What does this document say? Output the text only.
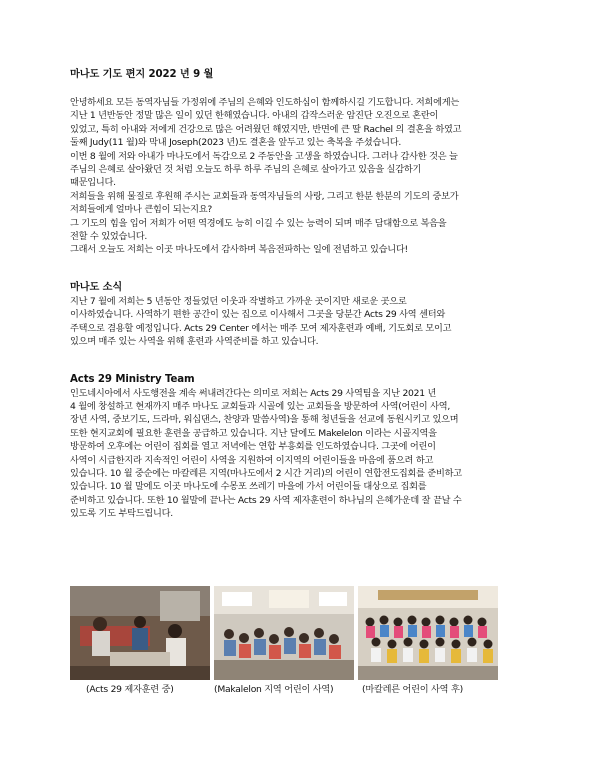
마나도 기도 편지 2022 년 9 월

안녕하세요 모든 동역자님들 가정위에 주님의 은혜와 인도하심이 함께하시길 기도합니다. 저희에게는

지난 1 년반동안 정말 많은 일이 있던 한해였습니다. 아내의 갑작스러운 암진단 오진으로 혼란이

있었고, 특히 아내와 저에게 건강으로 많은 어려웠던 해였지만, 반면에 큰 딸 Rachel 의 결혼을 하였고

둘째 Judy(11 월)와 막내 Joseph(2023 년)도 결혼을 앞두고 있는 축복을 주셨습니다.

이번 8 월에 저와 아내가 마나도에서 독감으로 2 주동안을 고생을 하였습니다. 그러나 감사한 것은 늘

주님의 은혜로 살아왔던 것 처럼 오늘도 하루 하루 주님의 은혜로 살아가고 있음을 실감하기

때문입니다.

저희들을 위해 물질로 후원해 주시는 교회들과 동역자님들의 사랑, 그리고 한분 한분의 기도의 중보가

저희들에게 얼마나 큰힘이 되는지요?

그 기도의 힘을 입어 저희가 어떤 역경에도 능히 이길 수 있는 능력이 되며 매주 담대함으로 복음을

전할 수 있었습니다.

그래서 오늘도 저희는 이곳 마나도에서 감사하며 복음전파하는 일에 전념하고 있습니다!

마나도 소식

지난 7 월에 저희는 5 년동안 정들었던 이웃과 작별하고 가까운 곳이지만 새로운 곳으로

이사하였습니다. 사역하기 편한 공간이 있는 집으로 이사해서 그곳을 당분간 Acts 29 사역 센터와

주택으로 겸용할 예정입니다. Acts 29 Center 에서는 매주 모여 제자훈련과 예배, 기도회로 모이고

있으며 매주 있는 사역을 위해 훈련과 사역준비를 하고 있습니다.

Acts 29 Ministry Team

인도네시아에서 사도행전을 계속 써내려간다는 의미로 저희는 Acts 29 사역팀을 지난 2021 년

4 월에 창설하고 현재까지 매주 마나도 교회들과 시골에 있는 교회들을 방문하여 사역(어린이 사역,

장년 사역, 중보기도, 드라마, 워십댄스, 찬양과 말씀사역)을 통해 청년들을 선교에 동원시키고 있으며

또한 현지교회에 필요한 훈련을 공급하고 있습니다. 지난 달에도 Makelelon 이라는 시골지역을

방문하여 오후에는 어린이 집회를 열고 저녁에는 연합 부흥회를 인도하였습니다. 그곳에 어린이

사역이 시급한지라 지속적인 어린이 사역을 지원하여 이지역의 어린이들을 마음에 품으려 하고

있습니다. 10 월 중순에는 마칼레른 지역(마나도에서 2 시간 거리)의 어린이 연합전도집회를 준비하고

있습니다. 10 월 말에도 이곳 마나도에 수몽포 쓰레기 마을에 가서 어린이들 대상으로 집회를

준비하고 있습니다. 또한 10 월말에 끝나는 Acts 29 사역 제자훈련이 하나님의 은혜가운데 잘 끝날 수

있도록 기도 부탁드립니다.

(Acts 29 제자훈련 중)	(Makalelon 지역 어린이 사역)	(마칼레른 어린이 사역 후)
